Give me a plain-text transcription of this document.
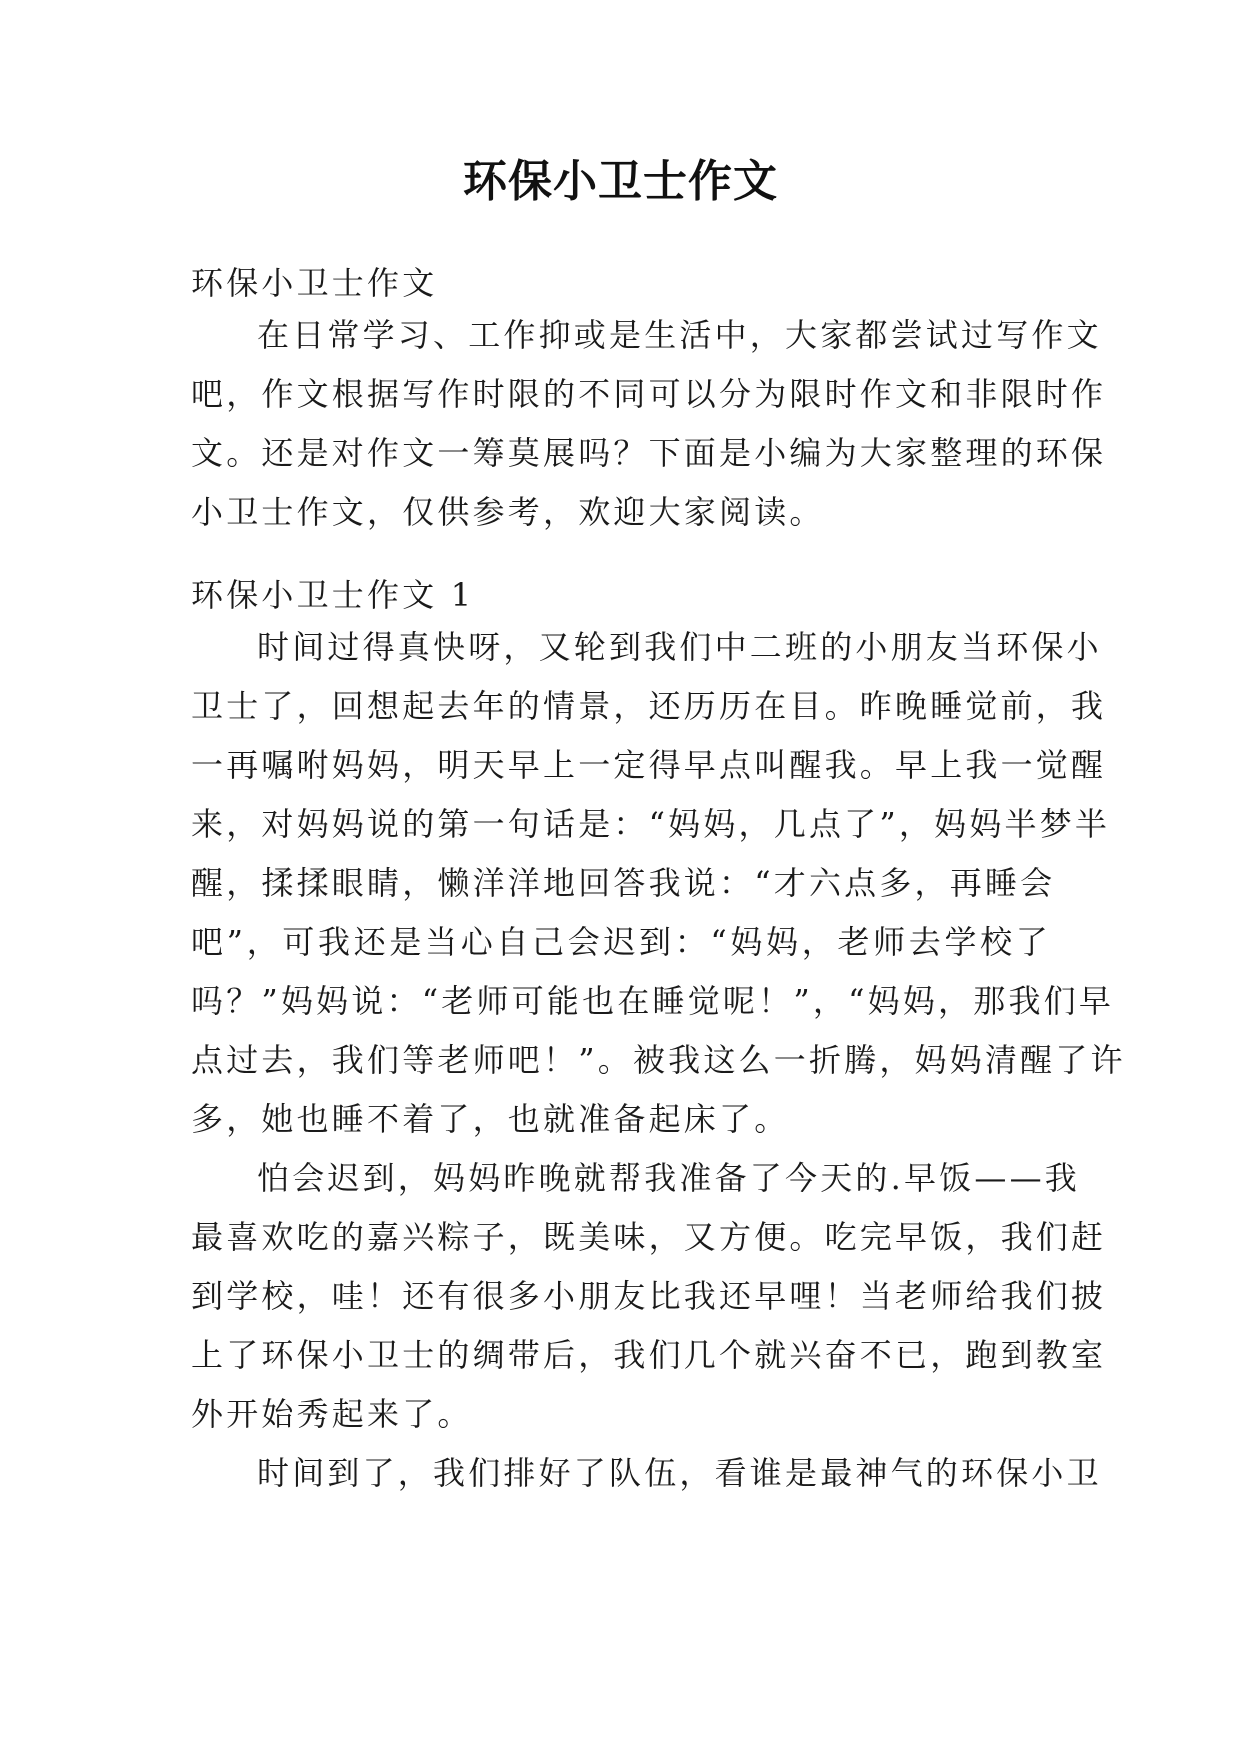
环保小卫士作文
环保小卫士作文
在日常学习、工作抑或是生活中，大家都尝试过写作文
吧，作文根据写作时限的不同可以分为限时作文和非限时作
文。还是对作文一筹莫展吗？下面是小编为大家整理的环保
小卫士作文，仅供参考，欢迎大家阅读。
环保小卫士作文 1
时间过得真快呀，又轮到我们中二班的小朋友当环保小
卫士了，回想起去年的情景，还历历在目。昨晚睡觉前，我
一再嘱咐妈妈，明天早上一定得早点叫醒我。早上我一觉醒
来，对妈妈说的第一句话是：“妈妈，几点了”，妈妈半梦半
醒，揉揉眼睛，懒洋洋地回答我说：“才六点多，再睡会
吧”，可我还是当心自己会迟到：“妈妈，老师去学校了
吗？”妈妈说：“老师可能也在睡觉呢！”，“妈妈，那我们早
点过去，我们等老师吧！”。被我这么一折腾，妈妈清醒了许
多，她也睡不着了，也就准备起床了。
怕会迟到，妈妈昨晚就帮我准备了今天的.早饭——我
最喜欢吃的嘉兴粽子，既美味，又方便。吃完早饭，我们赶
到学校，哇！还有很多小朋友比我还早哩！当老师给我们披
上了环保小卫士的绸带后，我们几个就兴奋不已，跑到教室
外开始秀起来了。
时间到了，我们排好了队伍，看谁是最神气的环保小卫
